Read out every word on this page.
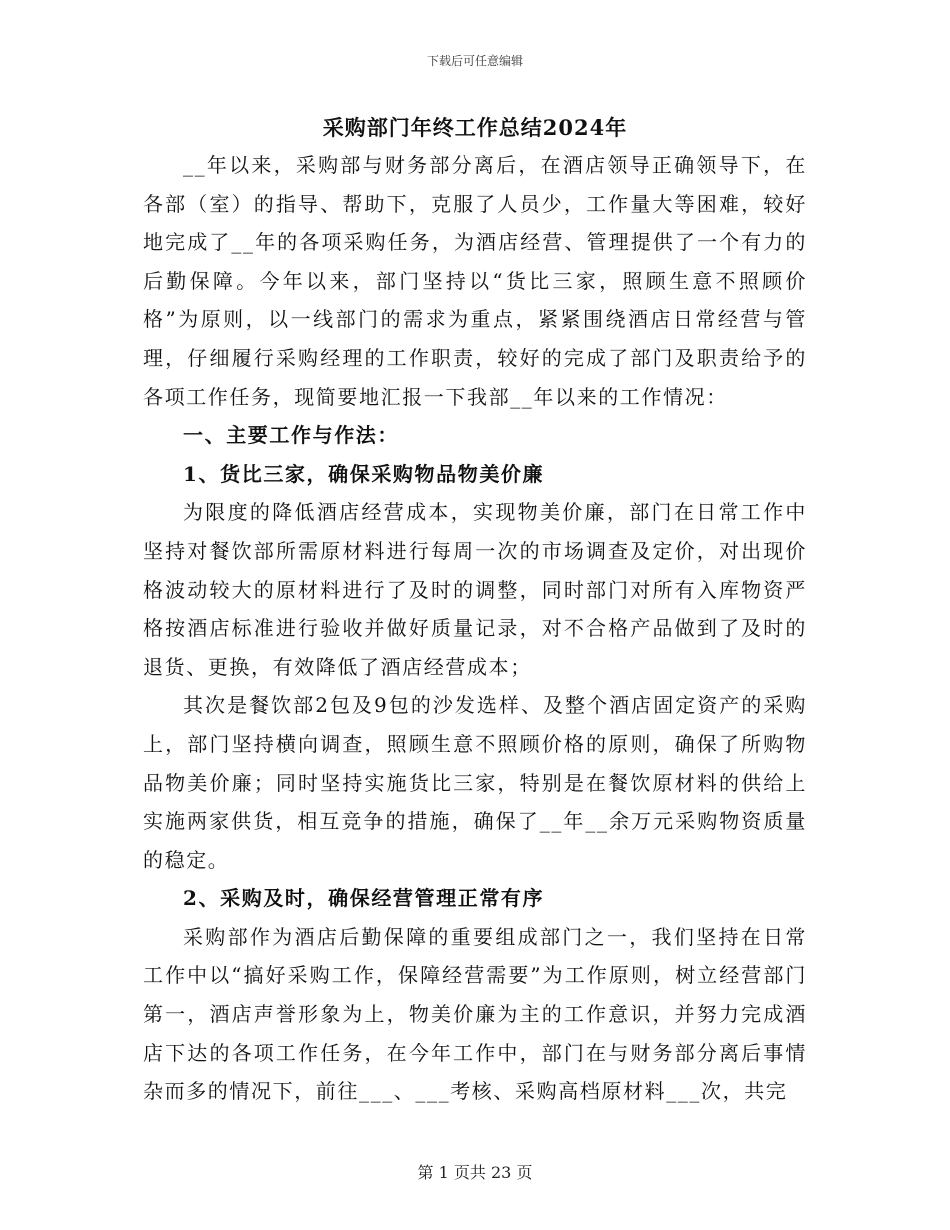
下载后可任意编辑
采购部门年终工作总结2024年

__年以来，采购部与财务部分离后，在酒店领导正确领导下，在各部（室）的指导、帮助下，克服了人员少，工作量大等困难，较好地完成了__年的各项采购任务，为酒店经营、管理提供了一个有力的后勤保障。今年以来，部门坚持以“货比三家，照顾生意不照顾价格”为原则，以一线部门的需求为重点，紧紧围绕酒店日常经营与管理，仔细履行采购经理的工作职责，较好的完成了部门及职责给予的各项工作任务，现简要地汇报一下我部__年以来的工作情况：

一、主要工作与作法：

1、货比三家，确保采购物品物美价廉

为限度的降低酒店经营成本，实现物美价廉，部门在日常工作中坚持对餐饮部所需原材料进行每周一次的市场调查及定价，对出现价格波动较大的原材料进行了及时的调整，同时部门对所有入库物资严格按酒店标准进行验收并做好质量记录，对不合格产品做到了及时的退货、更换，有效降低了酒店经营成本；

其次是餐饮部2包及9包的沙发选样、及整个酒店固定资产的采购上，部门坚持横向调查，照顾生意不照顾价格的原则，确保了所购物品物美价廉；同时坚持实施货比三家，特别是在餐饮原材料的供给上实施两家供货，相互竞争的措施，确保了__年__余万元采购物资质量的稳定。

2、采购及时，确保经营管理正常有序

采购部作为酒店后勤保障的重要组成部门之一，我们坚持在日常工作中以“搞好采购工作，保障经营需要”为工作原则，树立经营部门第一，酒店声誉形象为上，物美价廉为主的工作意识，并努力完成酒店下达的各项工作任务，在今年工作中，部门在与财务部分离后事情杂而多的情况下，前往___、___考核、采购高档原材料___次，共完

第 1 页共 23 页
